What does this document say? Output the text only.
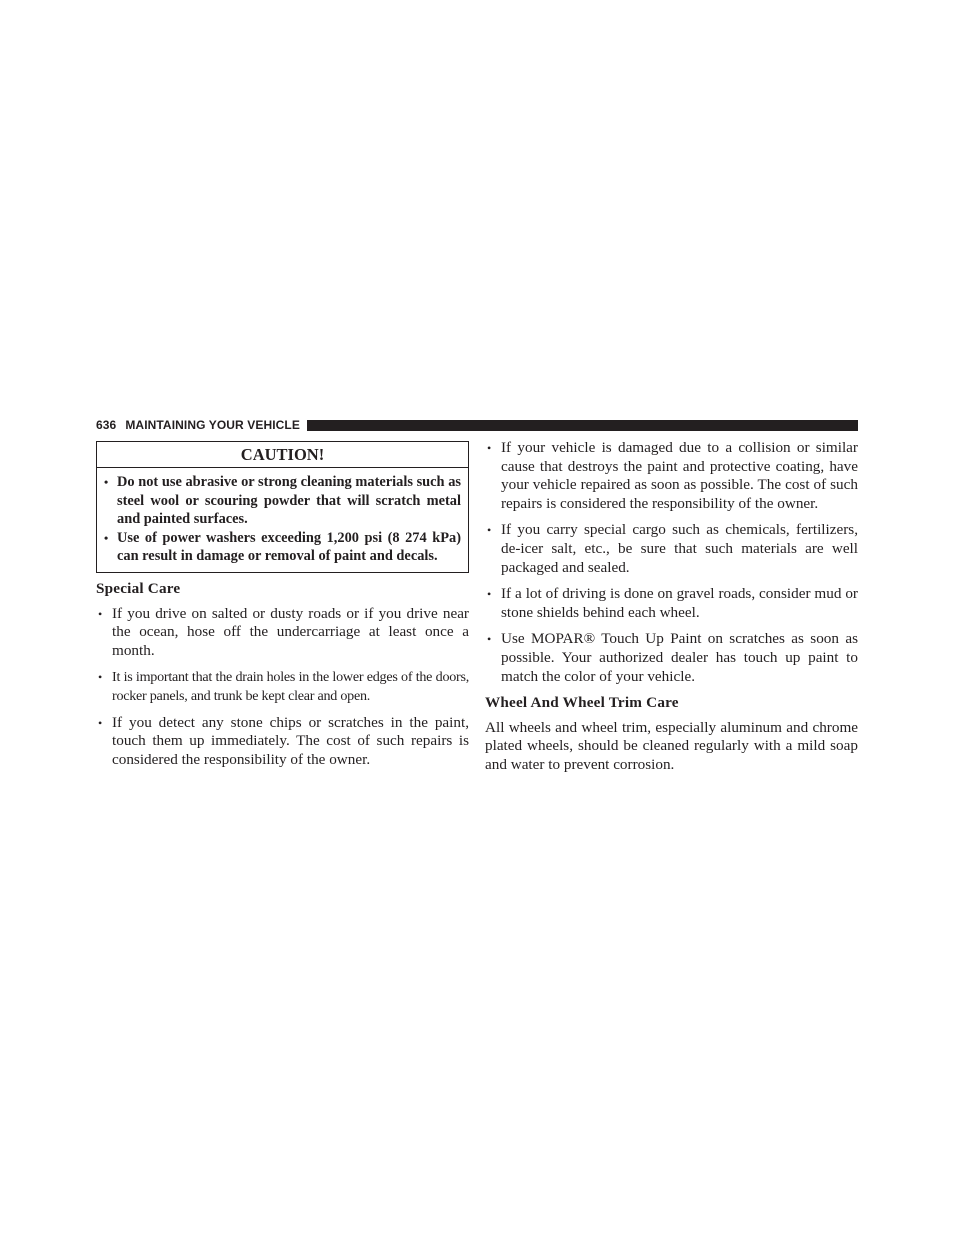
636 MAINTAINING YOUR VEHICLE
CAUTION!
• Do not use abrasive or strong cleaning materials such as steel wool or scouring powder that will scratch metal and painted surfaces.
• Use of power washers exceeding 1,200 psi (8 274 kPa) can result in damage or removal of paint and decals.
Special Care
• If you drive on salted or dusty roads or if you drive near the ocean, hose off the undercarriage at least once a month.
• It is important that the drain holes in the lower edges of the doors, rocker panels, and trunk be kept clear and open.
• If you detect any stone chips or scratches in the paint, touch them up immediately. The cost of such repairs is considered the responsibility of the owner.
• If your vehicle is damaged due to a collision or similar cause that destroys the paint and protective coating, have your vehicle repaired as soon as possible. The cost of such repairs is considered the responsibility of the owner.
• If you carry special cargo such as chemicals, fertilizers, de-icer salt, etc., be sure that such materials are well packaged and sealed.
• If a lot of driving is done on gravel roads, consider mud or stone shields behind each wheel.
• Use MOPAR® Touch Up Paint on scratches as soon as possible. Your authorized dealer has touch up paint to match the color of your vehicle.
Wheel And Wheel Trim Care

All wheels and wheel trim, especially aluminum and chrome plated wheels, should be cleaned regularly with a mild soap and water to prevent corrosion.
